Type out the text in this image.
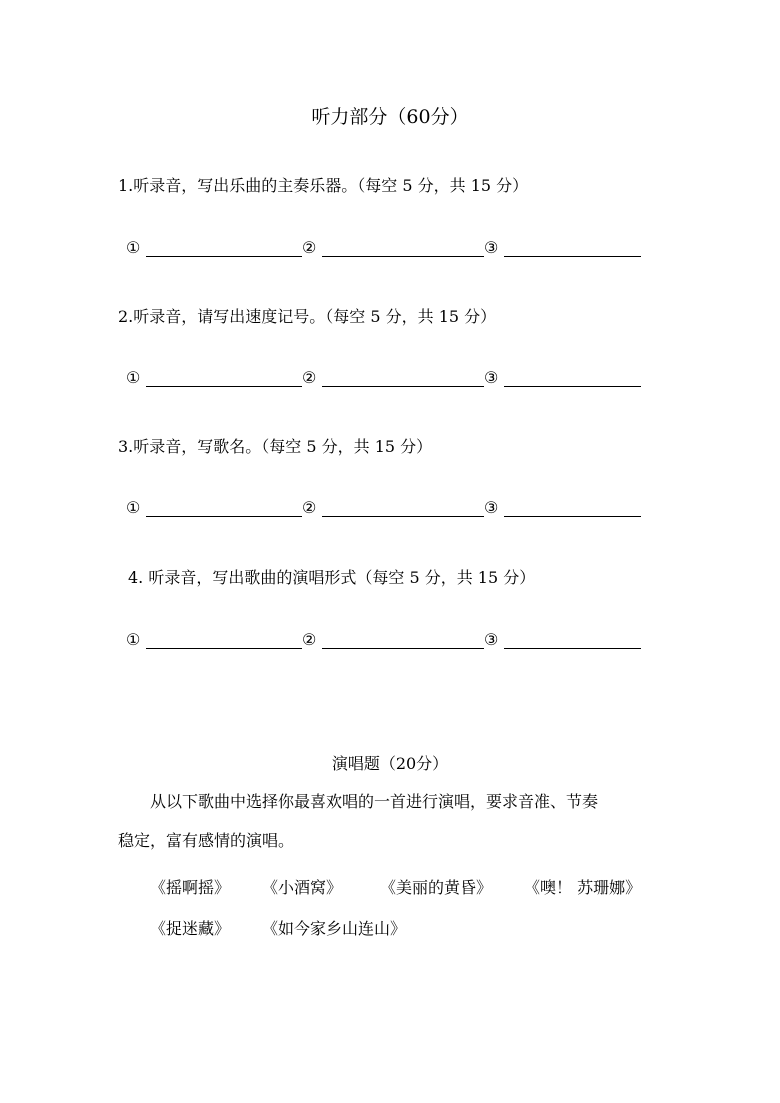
听力部分（60分）
1.听录音，写出乐曲的主奏乐器。（每空 5 分，共 15 分）
①	②	③
2.听录音，请写出速度记号。（每空 5 分，共 15 分）
①	②	③
3.听录音，写歌名。（每空 5 分，共 15 分）
①	②	③
4. 听录音，写出歌曲的演唱形式（每空 5 分，共 15 分）
①	②	③
演唱题（20分）
从以下歌曲中选择你最喜欢唱的一首进行演唱，要求音准、节奏
稳定，富有感情的演唱。
《摇啊摇》 《小酒窝》 《美丽的黄昏》 《噢！ 苏珊娜》
《捉迷藏》 《如今家乡山连山》
